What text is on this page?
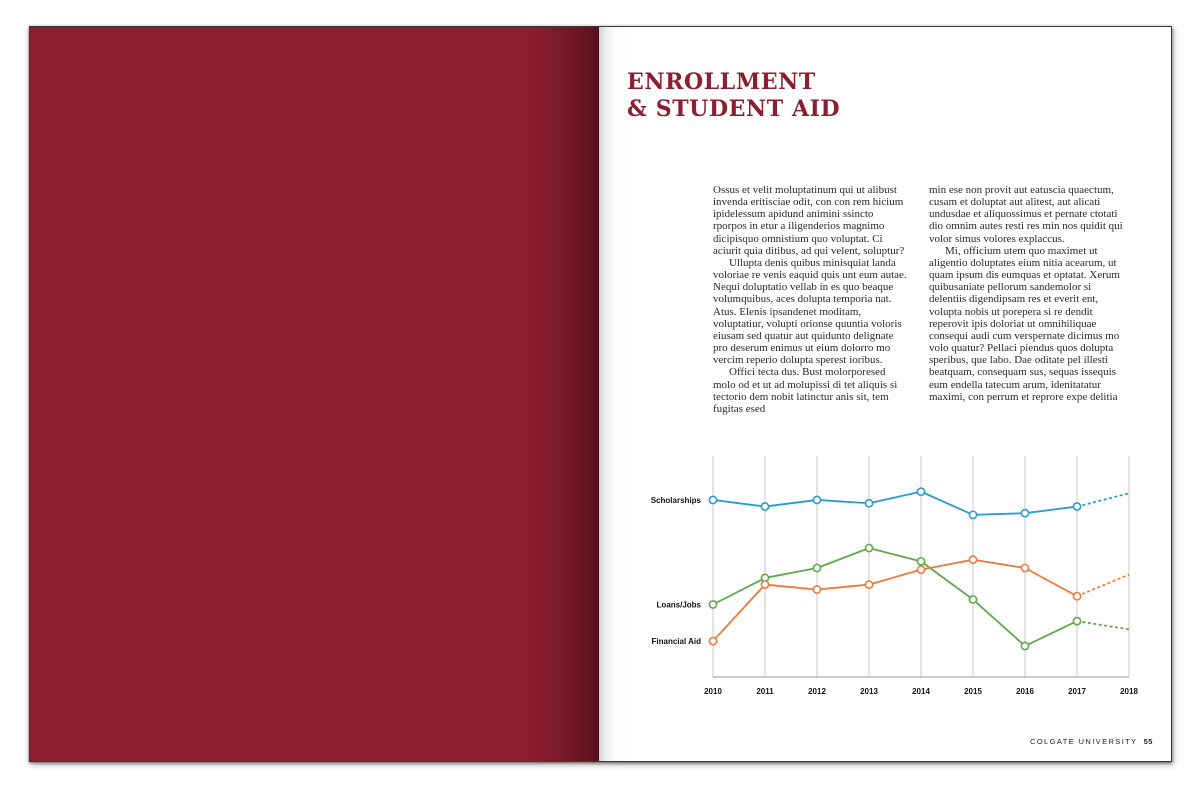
ENROLLMENT
& STUDENT AID

Ossus et velit moluptatinum qui ut alibust invenda eritisciae odit, con con rem hicium ipidelessum apidund animini ssincto rporpos in etur a iligenderios magnimo dicipisquo omnistium quo voluptat. Ci aciurit quia ditibus, ad qui velent, soluptur?

Ullupta denis quibus minisquiat landa voloriae re venis eaquid quis unt eum autae. Nequi doluptatio vellab in es quo beaque volumquibus, aces dolupta temporia nat. Atus. Elenis ipsandenet moditam, voluptatiur, volupti orionse quuntia voloris eiusam sed quatur aut quidunto delignate pro deserum enimus ut eium dolorro mo vercim reperio dolupta sperest ioribus.

Offici tecta dus. Bust molorporesed molo od et ut ad molupissi di tet aliquis si tectorio dem nobit latinctur anis sit, tem fugitas esed

min ese non provit aut eatuscia quaectum, cusam et doluptat aut alitest, aut alicati undusdae et aliquossimus et pernate ctotati dio omnim autes resti res min nos quidit qui volor simus volores explaccus.

Mi, officium utem quo maximet ut aligentio doluptates eium nitia acearum, ut quam ipsum dis eumquas et optatat. Xerum quibusaniate pellorum sandemolor si delentiis digendipsam res et everit ent, volupta nobis ut porepera si re dendit reperovit ipis doloriat ut omnihiliquae consequi audi cum verspernate dicimus mo volo quatur? Pellaci piendus quos dolupta speribus, que labo. Dae oditate pel illesti beatquam, consequam sus, sequas issequis eum endella tatecum arum, idenitatatur maximi, con perrum et reprore expe delitia

2010	2011	2012	2013	2014	2015	2016	2017	2018
Scholarships
Loans/Jobs
Financial Aid
COLGATE UNIVERSITY 55
